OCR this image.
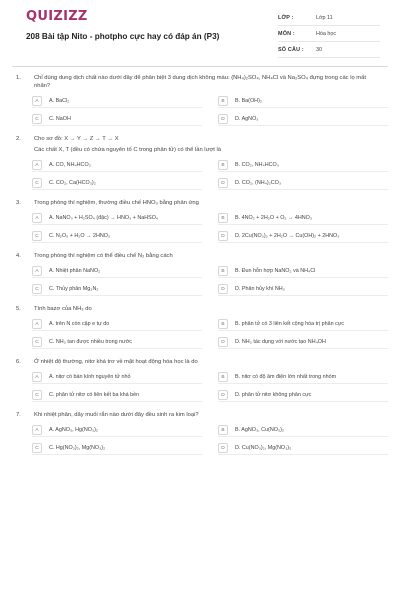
QUIZIZZ
208 Bài tập Nito - photpho cực hay có đáp án (P3)
LỚP :	Lớp 11
MÔN :	Hóa học
SỐ CÂU :	30
1.	Chỉ dùng dung dịch chất nào dưới đây để phân biệt 3 dung dịch không màu: (NH₄)₂SO₄, NH₄Cl và Na₂SO₄ đựng trong các lọ mất nhãn?
A	A. BaCl₂	B	B. Ba(OH)₂
C	C. NaOH	D	D. AgNO₃
2.	Cho sơ đồ: X → Y → Z → T → X
Các chất X, T (đều có chứa nguyên tố C trong phân tử) có thể lần lượt là
A	A. CO, NH₄HCO₃	B	B. CO₂, NH₄HCO₃
C	C. CO₂, Ca(HCO₃)₂	D	D. CO₂, (NH₄)₂CO₃
3.	Trong phòng thí nghiệm, thường điều chế HNO₃ bằng phản ứng
A	A. NaNO₃ + H₂SO₄ (đặc) → HNO₃ + NaHSO₄	B	B. 4NO₂ + 2H₂O + O₂ → 4HNO₃
C	C. N₂O₅ + H₂O → 2HNO₃	D	D. 2Cu(NO₃)₂ + 2H₂O → Cu(OH)₂ + 2HNO₃
4.	Trong phòng thí nghiệm có thể điều chế N₂ bằng cách
A	A. Nhiệt phân NaNO₂	B	B. Đun hỗn hợp NaNO₂ và NH₄Cl
C	C. Thủy phân Mg₃N₂	D	D. Phân hủy khí NH₃
5.	Tính bazơ của NH₃ do
A	A. trên N còn cặp e tự do	B	B. phân tử có 3 liên kết cộng hóa trị phân cực
C	C. NH₃ tan được nhiều trong nước	D	D. NH₃ tác dụng với nước tạo NH₄OH
6.	Ở nhiệt độ thường, nitơ khá trơ về mặt hoạt động hóa học là do
A	A. nitơ có bán kính nguyên tử nhỏ	B	B. nitơ có độ âm điện lớn nhất trong nhóm
C	C. phân tử nitơ có liên kết ba khá bền	D	D. phân tử nitơ không phân cực
7.	Khi nhiệt phân, dãy muối rắn nào dưới đây đều sinh ra kim loại?
A	A. AgNO₃, Hg(NO₃)₂	B	B. AgNO₃, Cu(NO₃)₂
C	C. Hg(NO₃)₂, Mg(NO₃)₂	D	D. Cu(NO₃)₂, Mg(NO₃)₂
